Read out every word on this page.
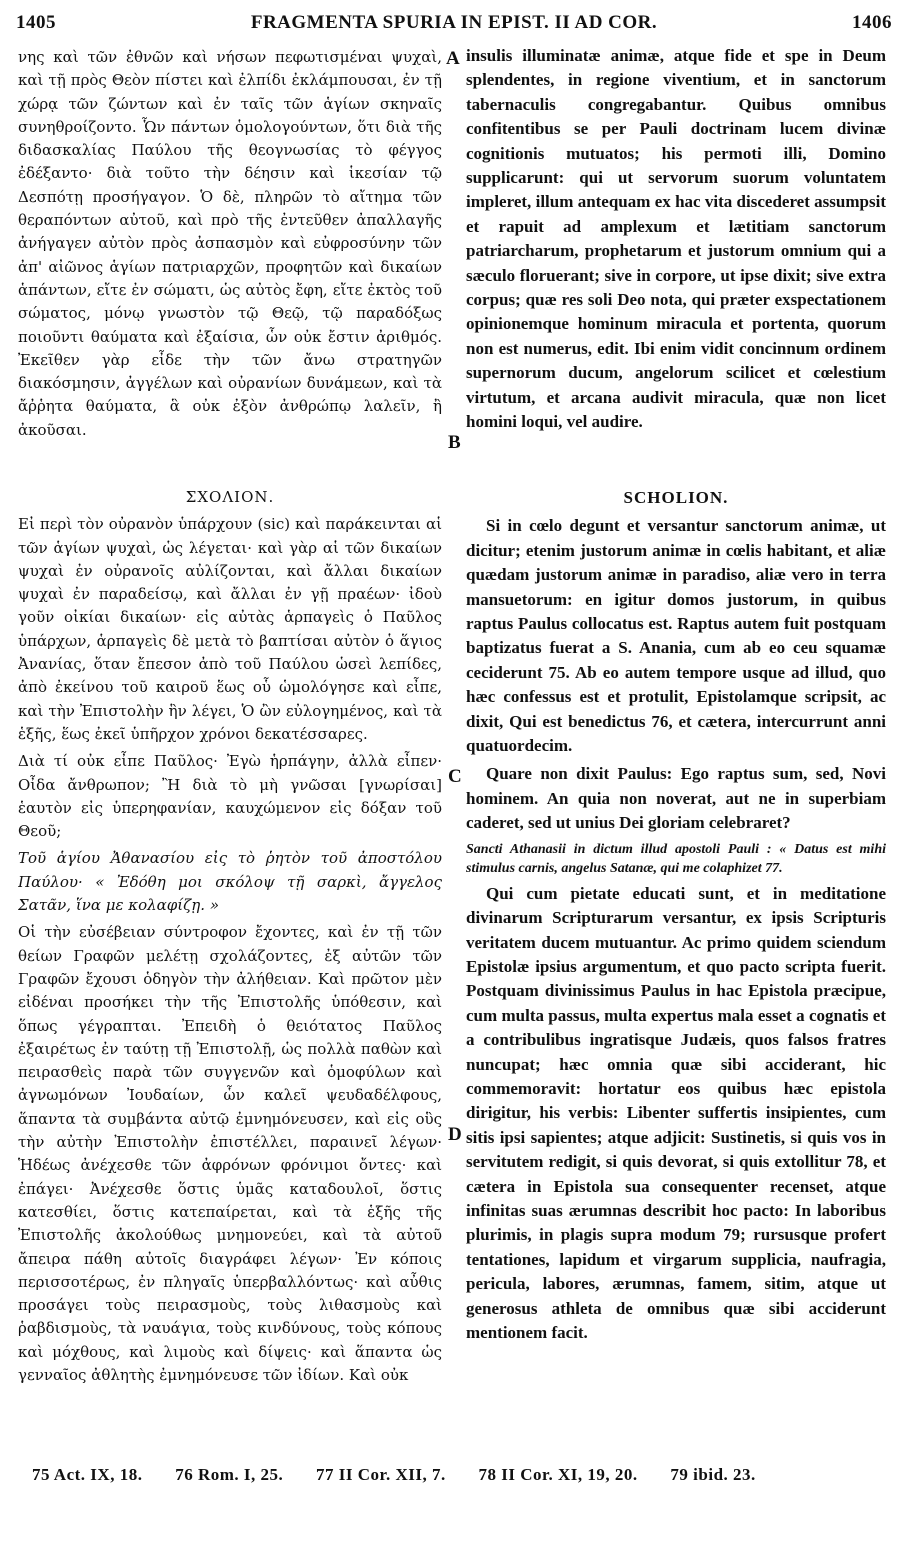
1405	FRAGMENTA SPURIA IN EPIST. II AD COR.	1406
A
B
C
D

νης καὶ τῶν ἐθνῶν καὶ νήσων πεφωτισμέναι ψυχαὶ, καὶ τῇ πρὸς Θεὸν πίστει καὶ ἐλπίδι ἐκλάμπουσαι, ἐν τῇ χώρᾳ τῶν ζώντων καὶ ἐν ταῖς τῶν ἁγίων σκηναῖς συνηθροίζοντο. Ὧν πάντων ὁμολογούντων, ὅτι διὰ τῆς διδασκαλίας Παύλου τῆς θεογνωσίας τὸ φέγγος ἐδέξαντο· διὰ τοῦτο τὴν δέησιν καὶ ἱκεσίαν τῷ Δεσπότῃ προσήγαγον. Ὁ δὲ, πληρῶν τὸ αἴτημα τῶν θεραπόντων αὐτοῦ, καὶ πρὸ τῆς ἐντεῦθεν ἀπαλλαγῆς ἀνήγαγεν αὐτὸν πρὸς ἀσπασμὸν καὶ εὐφροσύνην τῶν ἀπ' αἰῶνος ἁγίων πατριαρχῶν, προφητῶν καὶ δικαίων ἁπάντων, εἴτε ἐν σώματι, ὡς αὐτὸς ἔφη, εἴτε ἐκτὸς τοῦ σώματος, μόνῳ γνωστὸν τῷ Θεῷ, τῷ παραδόξως ποιοῦντι θαύματα καὶ ἐξαίσια, ὧν οὐκ ἔστιν ἀριθμός. Ἐκεῖθεν γὰρ εἶδε τὴν τῶν ἄνω στρατηγῶν διακόσμησιν, ἀγγέλων καὶ οὐρανίων δυνάμεων, καὶ τὰ ἄῤῥητα θαύματα, ἃ οὐκ ἐξὸν ἀνθρώπῳ λαλεῖν, ἢ ἀκοῦσαι.

insulis illuminatæ animæ, atque fide et spe in Deum splendentes, in regione viventium, et in sanctorum tabernaculis congregabantur. Quibus omnibus confitentibus se per Pauli doctrinam lucem divinæ cognitionis mutuatos; his permoti illi, Domino supplicarunt: qui ut servorum suorum voluntatem impleret, illum antequam ex hac vita discederet assumpsit et rapuit ad amplexum et lætitiam sanctorum patriarcharum, prophetarum et justorum omnium qui a sæculo floruerant; sive in corpore, ut ipse dixit; sive extra corpus; quæ res soli Deo nota, qui præter exspectationem opinionemque hominum miracula et portenta, quorum non est numerus, edit. Ibi enim vidit concinnum ordinem supernorum ducum, angelorum scilicet et cœlestium virtutum, et arcana audivit miracula, quæ non licet homini loqui, vel audire.

ΣΧΟΛΙΟΝ.

Εἰ περὶ τὸν οὐρανὸν ὑπάρχουν (sic) καὶ παράκεινται αἱ τῶν ἁγίων ψυχαὶ, ὡς λέγεται· καὶ γὰρ αἱ τῶν δικαίων ψυχαὶ ἐν οὐρανοῖς αὐλίζονται, καὶ ἄλλαι δικαίων ψυχαὶ ἐν παραδείσῳ, καὶ ἄλλαι ἐν γῇ πραέων· ἰδοὺ γοῦν οἰκίαι δικαίων· εἰς αὐτὰς ἁρπαγεὶς ὁ Παῦλος ὑπάρχων, ἁρπαγεὶς δὲ μετὰ τὸ βαπτίσαι αὐτὸν ὁ ἅγιος Ἀνανίας, ὅταν ἔπεσον ἀπὸ τοῦ Παύλου ὡσεὶ λεπίδες, ἀπὸ ἐκείνου τοῦ καιροῦ ἕως οὗ ὡμολόγησε καὶ εἶπε, καὶ τὴν Ἐπιστολὴν ἣν λέγει, Ὁ ὢν εὐλογημένος, καὶ τὰ ἑξῆς, ἕως ἐκεῖ ὑπῆρχον χρόνοι δεκατέσσαρες.

Διὰ τί οὐκ εἶπε Παῦλος· Ἐγὼ ἡρπάγην, ἀλλὰ εἶπεν· Οἶδα ἄνθρωπον; Ἢ διὰ τὸ μὴ γνῶσαι [γνωρίσαι] ἑαυτὸν εἰς ὑπερηφανίαν, καυχώμενον εἰς δόξαν τοῦ Θεοῦ;

Τοῦ ἁγίου Ἀθανασίου εἰς τὸ ῥητὸν τοῦ ἀποστόλου Παύλου· « Ἐδόθη μοι σκόλοψ τῇ σαρκὶ, ἄγγελος Σατᾶν, ἵνα με κολαφίζῃ. »

Οἱ τὴν εὐσέβειαν σύντροφον ἔχοντες, καὶ ἐν τῇ τῶν θείων Γραφῶν μελέτῃ σχολάζοντες, ἐξ αὐτῶν τῶν Γραφῶν ἔχουσι ὁδηγὸν τὴν ἀλήθειαν. Καὶ πρῶτον μὲν εἰδέναι προσήκει τὴν τῆς Ἐπιστολῆς ὑπόθεσιν, καὶ ὅπως γέγραπται. Ἐπειδὴ ὁ θειότατος Παῦλος ἐξαιρέτως ἐν ταύτῃ τῇ Ἐπιστολῇ, ὡς πολλὰ παθὼν καὶ πειρασθεὶς παρὰ τῶν συγγενῶν καὶ ὁμοφύλων καὶ ἀγνωμόνων Ἰουδαίων, ὧν καλεῖ ψευδαδέλφους, ἅπαντα τὰ συμβάντα αὐτῷ ἐμνημόνευσεν, καὶ εἰς οὓς τὴν αὐτὴν Ἐπιστολὴν ἐπιστέλλει, παραινεῖ λέγων· Ἡδέως ἀνέχεσθε τῶν ἀφρόνων φρόνιμοι ὄντες· καὶ ἐπάγει· Ἀνέχεσθε ὅστις ὑμᾶς καταδουλοῖ, ὅστις κατεσθίει, ὅστις κατεπαίρεται, καὶ τὰ ἑξῆς τῆς Ἐπιστολῆς ἀκολούθως μνημονεύει, καὶ τὰ αὐτοῦ ἄπειρα πάθη αὐτοῖς διαγράφει λέγων· Ἐν κόποις περισσοτέρως, ἐν πληγαῖς ὑπερβαλλόντως· καὶ αὖθις προσάγει τοὺς πειρασμοὺς, τοὺς λιθασμοὺς καὶ ῥαβδισμοὺς, τὰ ναυάγια, τοὺς κινδύνους, τοὺς κόπους καὶ μόχθους, καὶ λιμοὺς καὶ δίψεις· καὶ ἅπαντα ὡς γενναῖος ἀθλητὴς ἐμνημόνευσε τῶν ἰδίων. Καὶ οὐκ

SCHOLION.

Si in cœlo degunt et versantur sanctorum animæ, ut dicitur; etenim justorum animæ in cœlis habitant, et aliæ quædam justorum animæ in paradiso, aliæ vero in terra mansuetorum: en igitur domos justorum, in quibus raptus Paulus collocatus est. Raptus autem fuit postquam baptizatus fuerat a S. Anania, cum ab eo ceu squamæ ceciderunt 75. Ab eo autem tempore usque ad illud, quo hæc confessus est et protulit, Epistolamque scripsit, ac dixit, Qui est benedictus 76, et cætera, intercurrunt anni quatuordecim.

Quare non dixit Paulus: Ego raptus sum, sed, Novi hominem. An quia non noverat, aut ne in superbiam caderet, sed ut unius Dei gloriam celebraret?

Sancti Athanasii in dictum illud apostoli Pauli : « Datus est mihi stimulus carnis, angelus Satanæ, qui me colaphizet 77.

Qui cum pietate educati sunt, et in meditatione divinarum Scripturarum versantur, ex ipsis Scripturis veritatem ducem mutuantur. Ac primo quidem sciendum Epistolæ ipsius argumentum, et quo pacto scripta fuerit. Postquam divinissimus Paulus in hac Epistola præcipue, cum multa passus, multa expertus mala esset a cognatis et a contribulibus ingratisque Judæis, quos falsos fratres nuncupat; hæc omnia quæ sibi acciderant, hic commemoravit: hortatur eos quibus hæc epistola dirigitur, his verbis: Libenter suffertis insipientes, cum sitis ipsi sapientes; atque adjicit: Sustinetis, si quis vos in servitutem redigit, si quis devorat, si quis extollitur 78, et cætera in Epistola sua consequenter recenset, atque infinitas suas ærumnas describit hoc pacto: In laboribus plurimis, in plagis supra modum 79; rursusque profert tentationes, lapidum et virgarum supplicia, naufragia, pericula, labores, ærumnas, famem, sitim, atque ut generosus athleta de omnibus quæ sibi acciderunt mentionem facit.

75 Act. IX, 18. 76 Rom. I, 25. 77 II Cor. XII, 7. 78 II Cor. XI, 19, 20. 79 ibid. 23.
